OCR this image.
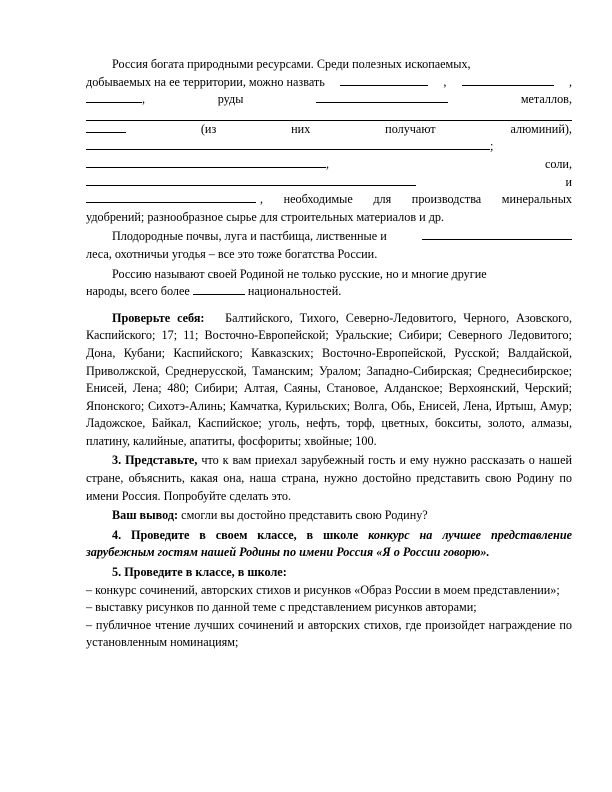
Россия богата природными ресурсами. Среди полезных ископаемых,

добываемых на ее территории, можно назвать	,	,
,	руды	металлов,
(из	них	получают	алюминий),
;
,	соли,
и
, необходимые для производства минеральных

удобрений; разнообразное сырье для строительных материалов и др.

Плодородные почвы, луга и пастбища, лиственные и

леса, охотничьи угодья – все это тоже богатства России.

Россию называют своей Родиной не только русские, но и многие другие

народы, всего более	национальностей.

Проверьте себя: Балтийского, Тихого, Северно-Ледовитого, Черного, Азовского, Каспийского; 17; 11; Восточно-Европейской; Уральские; Сибири; Северного Ледовитого; Дона, Кубани; Каспийского; Кавказских; Восточно-Европейской, Русской; Валдайской, Приволжской, Среднерусской, Таманским; Уралом; Западно-Сибирская; Среднесибирское; Енисей, Лена; 480; Сибири; Алтая, Саяны, Становое, Алданское; Верхоянский, Черский; Японского; Сихотэ-Алинь; Камчатка, Курильских; Волга, Обь, Енисей, Лена, Иртыш, Амур; Ладожское, Байкал, Каспийское; уголь, нефть, торф, цветных, бокситы, золото, алмазы, платину, калийные, апатиты, фосфориты; хвойные; 100.

3. Представьте, что к вам приехал зарубежный гость и ему нужно рассказать о нашей стране, объяснить, какая она, наша страна, нужно достойно представить свою Родину по имени Россия. Попробуйте сделать это.

Ваш вывод: смогли вы достойно представить свою Родину?

4. Проведите в своем классе, в школе конкурс на лучшее представление зарубежным гостям нашей Родины по имени Россия «Я о России говорю».

5. Проведите в классе, в школе:

– конкурс сочинений, авторских стихов и рисунков «Образ России в моем представлении»;

– выставку рисунков по данной теме с представлением рисунков авторами;

– публичное чтение лучших сочинений и авторских стихов, где произойдет награждение по установленным номинациям;
